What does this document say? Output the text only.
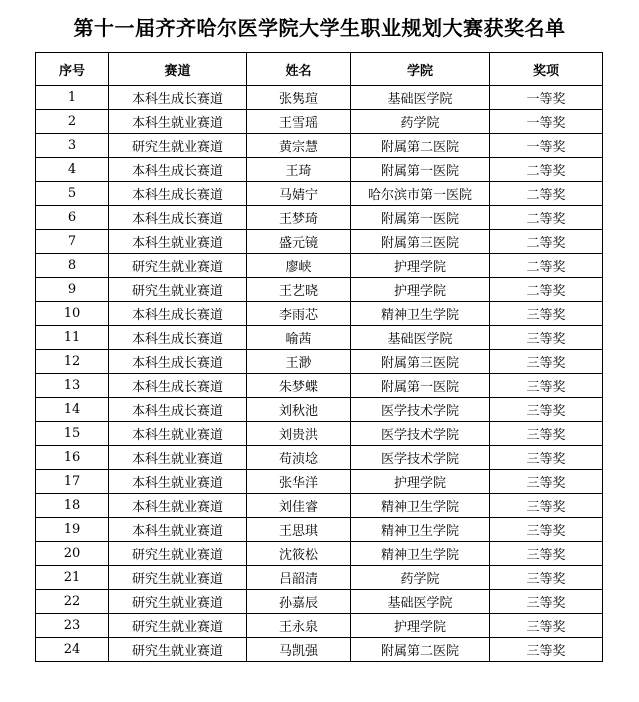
第十一届齐齐哈尔医学院大学生职业规划大赛获奖名单
序号	赛道	姓名	学院	奖项
1	本科生成长赛道	张隽瑄	基础医学院	一等奖
2	本科生就业赛道	王雪瑶	药学院	一等奖
3	研究生就业赛道	黄宗慧	附属第二医院	一等奖
4	本科生成长赛道	王琦	附属第一医院	二等奖
5	本科生成长赛道	马婧宁	哈尔滨市第一医院	二等奖
6	本科生成长赛道	王梦琦	附属第一医院	二等奖
7	本科生就业赛道	盛元镜	附属第三医院	二等奖
8	研究生就业赛道	廖峡	护理学院	二等奖
9	研究生就业赛道	王艺晓	护理学院	二等奖
10	本科生成长赛道	李雨芯	精神卫生学院	三等奖
11	本科生成长赛道	喻茜	基础医学院	三等奖
12	本科生成长赛道	王渺	附属第三医院	三等奖
13	本科生成长赛道	朱梦蝶	附属第一医院	三等奖
14	本科生成长赛道	刘秋池	医学技术学院	三等奖
15	本科生就业赛道	刘贵洪	医学技术学院	三等奖
16	本科生就业赛道	苟浈埝	医学技术学院	三等奖
17	本科生就业赛道	张华洋	护理学院	三等奖
18	本科生就业赛道	刘佳睿	精神卫生学院	三等奖
19	本科生就业赛道	王思琪	精神卫生学院	三等奖
20	研究生就业赛道	沈筱松	精神卫生学院	三等奖
21	研究生就业赛道	吕韶清	药学院	三等奖
22	研究生就业赛道	孙嘉辰	基础医学院	三等奖
23	研究生就业赛道	王永泉	护理学院	三等奖
24	研究生就业赛道	马凯强	附属第二医院	三等奖
